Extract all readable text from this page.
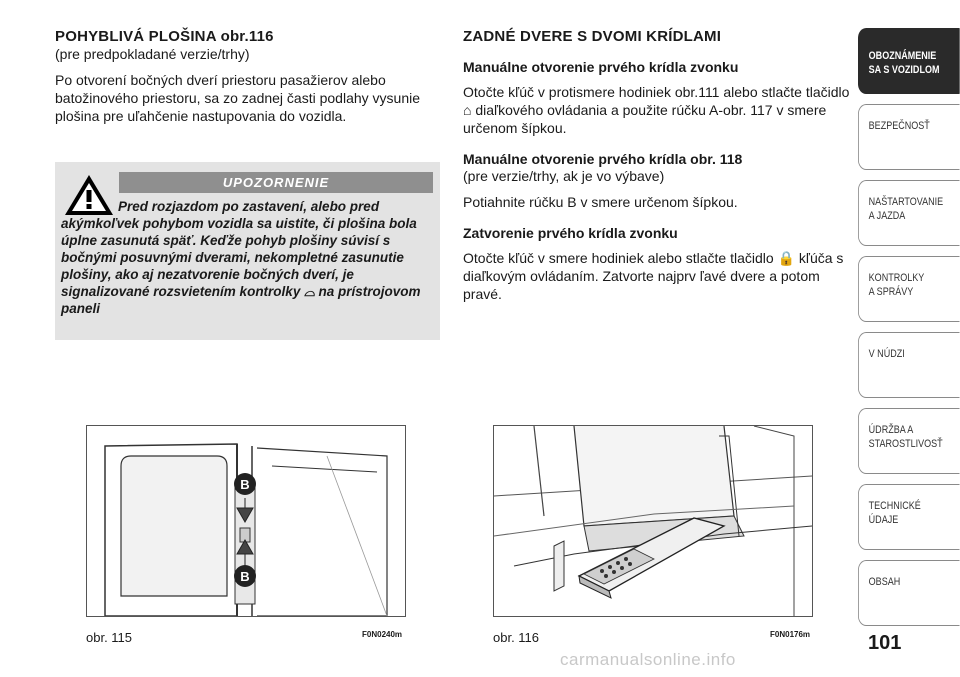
POHYBLIVÁ PLOŠINA obr.116

(pre predpokladané verzie/trhy)

Po otvorení bočných dverí priestoru pasažierov alebo batožinového priestoru, sa zo zadnej časti podlahy vysunie plošina pre uľahčenie nastupovania do vozidla.

UPOZORNENIE
Pred rozjazdom po zastavení, alebo pred akýmkoľvek pohybom vozidla sa uistite, či plošina bola úplne zasunutá späť. Keďže pohyb plošiny súvisí s bočnými posuvnými dverami, nekompletné zasunutie plošiny, ako aj nezatvorenie bočných dverí, je signalizované rozsvietením kontrolky ⌓ na prístrojovom paneli
ZADNÉ DVERE S DVOMI KRÍDLAMI
Manuálne otvorenie prvého krídla zvonku

Otočte kľúč v protismere hodiniek obr.111 alebo stlačte tlačidlo ⌂ diaľkového ovládania a použite rúčku A-obr. 117 v smere určenom šípkou.

Manuálne otvorenie prvého krídla obr. 118

(pre verzie/trhy, ak je vo výbave)

Potiahnite rúčku B v smere určenom šípkou.

Zatvorenie prvého krídla zvonku

Otočte kľúč v smere hodiniek alebo stlačte tlačidlo 🔒 kľúča s diaľkovým ovládaním. Zatvorte najprv ľavé dvere a potom pravé.

B
B
obr. 115	F0N0240m	obr. 116	F0N0176m	101
carmanualsonline.info
OBOZNÁMENIE
SA S VOZIDLOM
BEZPEČNOSŤ
NAŠTARTOVANIE
A JAZDA
KONTROLKY
A SPRÁVY
V NÚDZI
ÚDRŽBA A
STAROSTLIVOSŤ
TECHNICKÉ
ÚDAJE
OBSAH
